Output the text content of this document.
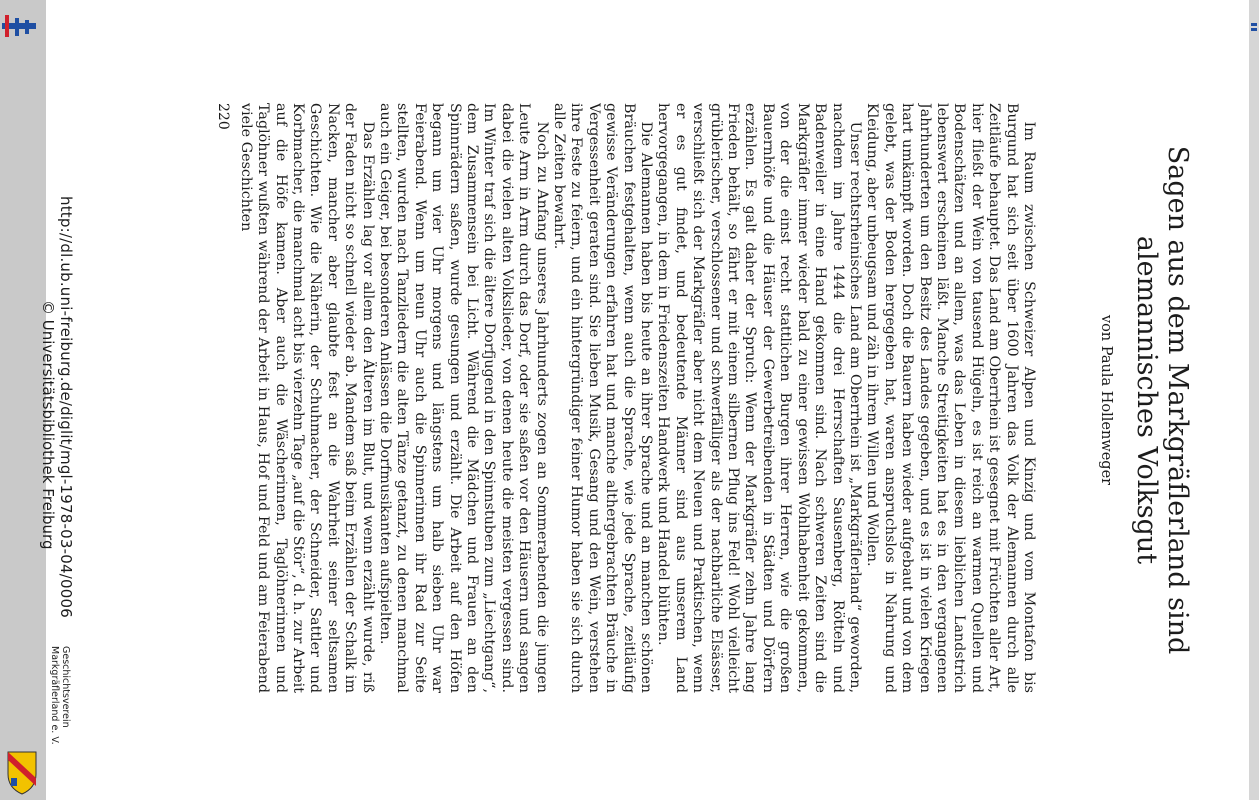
Sagen aus dem Markgräflerland sind
alemannisches Volksgut
von Paula Hollenweger

Im Raum zwischen Schweizer Alpen und Kinzig und vom Montafon bis Burgund hat sich seit über 1600 Jahren das Volk der Alemannen durch alle Zeitläufe behauptet. Das Land am Oberrhein ist gesegnet mit Früchten aller Art, hier fließt der Wein von tausend Hügeln, es ist reich an warmen Quellen und Bodenschätzen und an allem, was das Leben in diesem lieblichen Landstrich lebenswert erscheinen läßt. Manche Streitigkeiten hat es in den vergangenen Jahrhunderten um den Besitz des Landes gegeben, und es ist in vielen Kriegen hart umkämpft worden. Doch die Bauern haben wieder aufgebaut und von dem gelebt, was der Boden hergegeben hat, waren anspruchslos in Nahrung und Kleidung, aber unbeugsam und zäh in ihrem Willen und Wollen.

Unser rechtsrheinisches Land am Oberrhein ist „Markgräflerland“ geworden, nachdem im Jahre 1444 die drei Herrschaften Sausenberg, Rötteln und Badenweiler in eine Hand gekommen sind. Nach schweren Zeiten sind die Markgräfler immer wieder bald zu einer gewissen Wohlhabenheit gekommen, von der die einst recht stattlichen Burgen ihrer Herren, wie die großen Bauernhöfe und die Häuser der Gewerbetreibenden in Städten und Dörfern erzählen. Es galt daher der Spruch: Wenn der Markgräfler zehn Jahre lang Frieden behält, so fährt er mit einem silbernen Pflug ins Feld! Wohl vielleicht grüblerischer, verschlossener und schwerfälliger als der nachbarliche Elsässer, verschließt sich der Markgräfler aber nicht dem Neuen und Praktischen, wenn er es gut findet, und bedeutende Männer sind aus unserem Land hervorgegangen, in dem in Friedenszeiten Handwerk und Handel blühten.

Die Alemannen haben bis heute an ihrer Sprache und an manchen schönen Bräuchen festgehalten, wenn auch die Sprache, wie jede Sprache, zeitläufig gewisse Veränderungen erfahren hat und manche althergebrachten Bräuche in Vergessenheit geraten sind. Sie lieben Musik, Gesang und den Wein, verstehen ihre Feste zu feiern, und ein hintergründiger feiner Humor haben sie sich durch alle Zeiten bewahrt.

Noch zu Anfang unseres Jahrhunderts zogen an Sommerabenden die jungen Leute Arm in Arm durch das Dorf, oder sie saßen vor den Häusern und sangen dabei die vielen alten Volkslieder, von denen heute die meisten vergessen sind. Im Winter traf sich die ältere Dorfjugend in den Spinnstuben zum „Liechtgang“, dem Zusammensein bei Licht. Während die Mädchen und Frauen an den Spinnrädern saßen, wurde gesungen und erzählt. Die Arbeit auf den Höfen begann um vier Uhr morgens und längstens um halb sieben Uhr war Feierabend. Wenn um neun Uhr auch die Spinnerinnen ihr Rad zur Seite stellten, wurden nach Tanzliedern die alten Tänze getanzt, zu denen manchmal auch ein Geiger, bei besonderen Anlässen die Dorfmusikanten aufspielten.

Das Erzählen lag vor allem den Älteren im Blut, und wenn erzählt wurde, riß der Faden nicht so schnell wieder ab. Mandem saß beim Erzählen der Schalk im Nacken, mancher aber glaubte fest an die Wahrheit seiner seltsamen Geschichten. Wie die Näherin, der Schuhmacher, der Schneider, Sattler und Korbmacher, die manchmal acht bis vierzehn Tage „auf die Stör“, d. h. zur Arbeit auf die Höfe kamen. Aber auch die Wäscherinnen, Taglöhnerinnen und Taglöhner wußten während der Arbeit in Haus, Hof und Feld und am Feierabend viele Geschichten

220
http://dl.ub.uni-freiburg.de/diglit/mgl-1978-03-04/0006
© Universitätsbibliothek Freiburg
Geschichtsverein
Markgräflerland e. V.
